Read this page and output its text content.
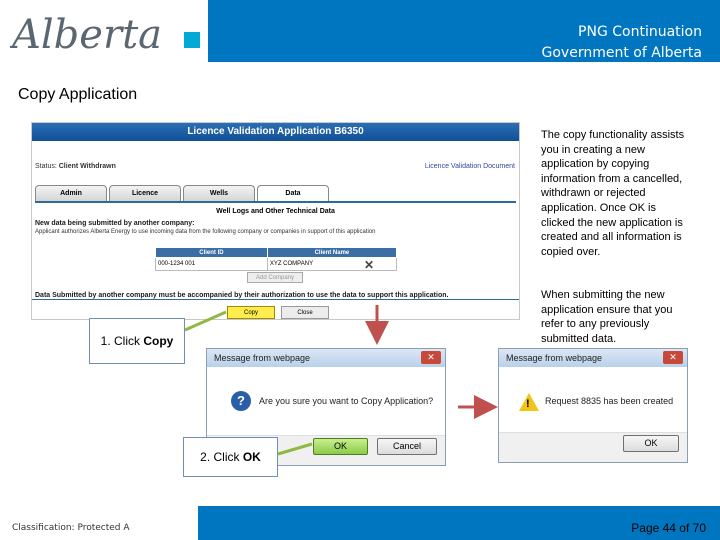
Alberta	PNG Continuation
Government of Alberta
Copy Application
Licence Validation Application B6350
Status: Client Withdrawn	Licence Validation Document
Admin	Licence	Wells	Data
Well Logs and Other Technical Data
New data being submitted by another company:
Applicant authorizes Alberta Energy to use incoming data from the following company or companies in support of this application
Client ID	Client Name
000-1234 001	XYZ COMPANY	✕
Add Company
Data Submitted by another company must be accompanied by their authorization to use the data to support this application.
Copy	Close
The copy functionality assists you in creating a new application by copying information from a cancelled, withdrawn or rejected application. Once OK is clicked the new application is created and all information is copied over.
When submitting the new application ensure that you refer to any previously submitted data.
Message from webpage	✕
?	Are you sure you want to Copy Application?
OK	Cancel
Message from webpage	✕
! Request 8835 has been created
OK
1. Click Copy
2. Click OK
Classification: Protected A	Page 44 of 70
